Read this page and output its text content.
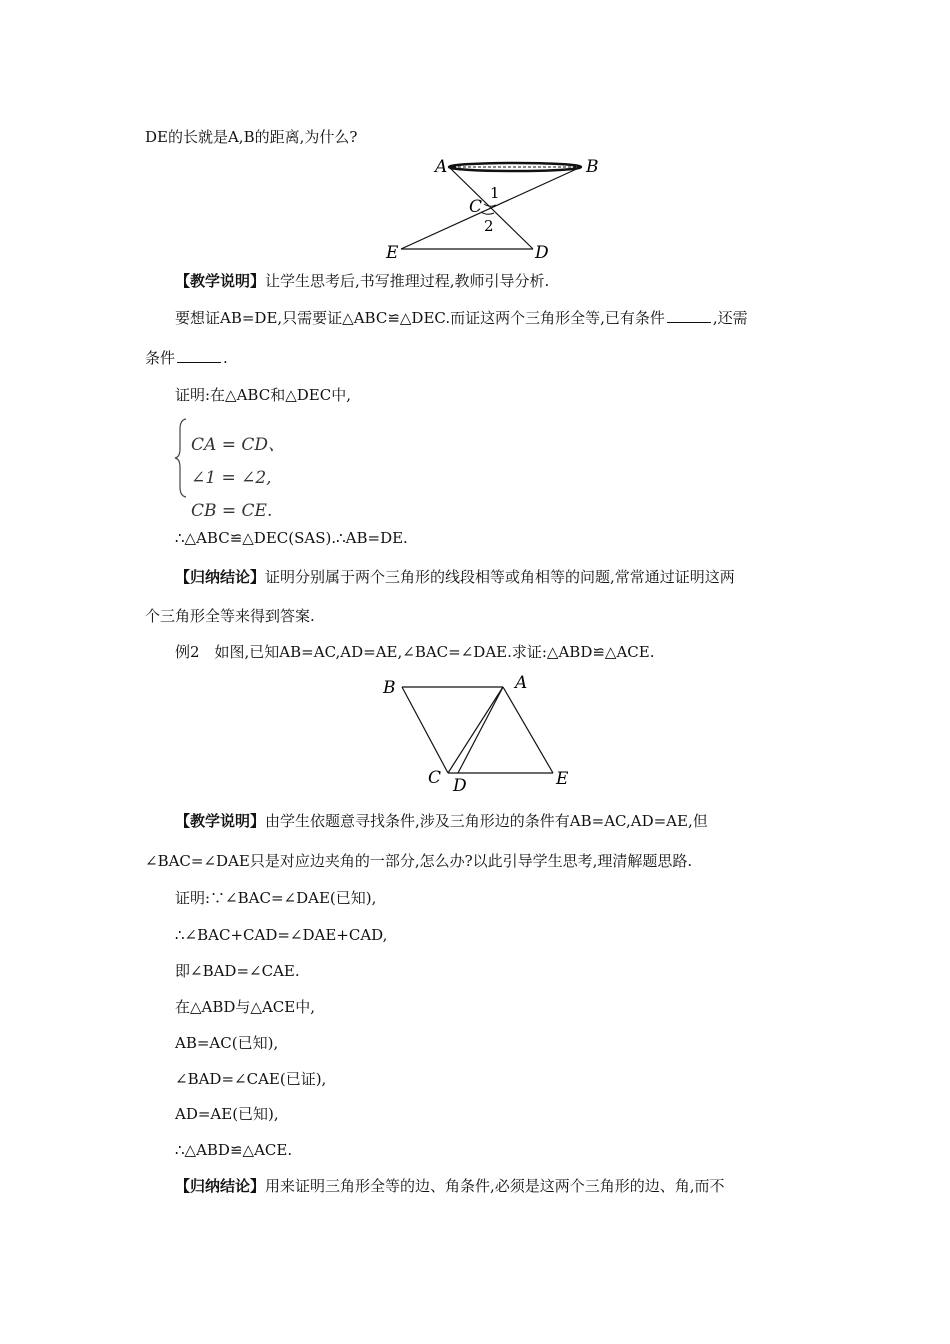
DE的长就是A,B的距离,为什么?

A	B
C
1
2
E	D

【教学说明】让学生思考后,书写推理过程,教师引导分析.

要想证AB=DE,只需要证△ABC≌△DEC.而证这两个三角形全等,已有条件	,还需

条件	.

证明:在△ABC和△DEC中,

CA = CD、

∠1 = ∠2,

CB = CE.

∴△ABC≌△DEC(SAS).∴AB=DE.

【归纳结论】证明分别属于两个三角形的线段相等或角相等的问题,常常通过证明这两

个三角形全等来得到答案.

例2　如图,已知AB=AC,AD=AE,∠BAC=∠DAE.求证:△ABD≌△ACE.

B	A
C D	E

【教学说明】由学生依题意寻找条件,涉及三角形边的条件有AB=AC,AD=AE,但

∠BAC=∠DAE只是对应边夹角的一部分,怎么办?以此引导学生思考,理清解题思路.

证明:∵∠BAC=∠DAE(已知),

∴∠BAC+CAD=∠DAE+CAD,

即∠BAD=∠CAE.

在△ABD与△ACE中,

AB=AC(已知),

∠BAD=∠CAE(已证),

AD=AE(已知),

∴△ABD≌△ACE.

【归纳结论】用来证明三角形全等的边、角条件,必须是这两个三角形的边、角,而不
